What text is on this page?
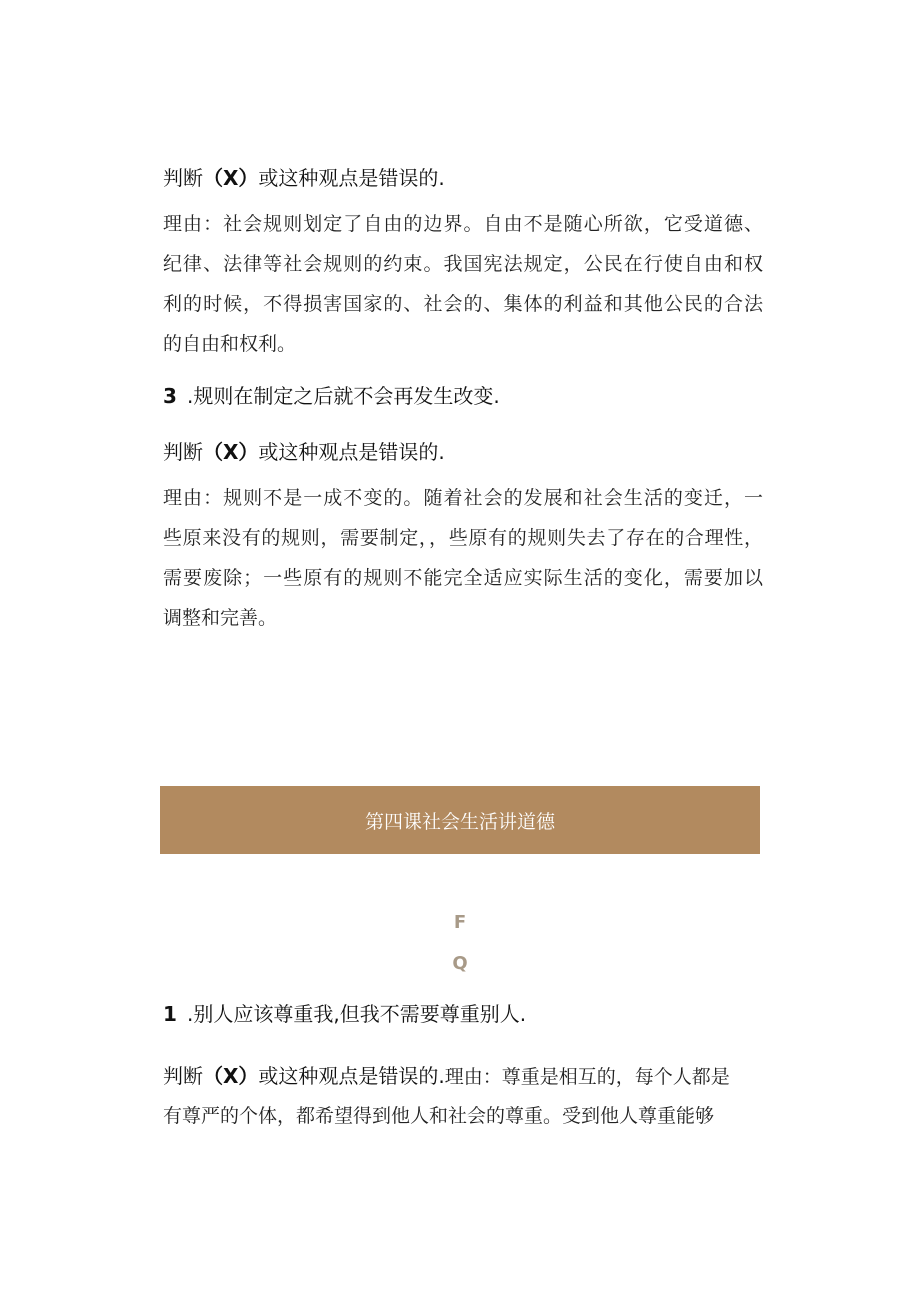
判断（X）或这种观点是错误的.
理由：社会规则划定了自由的边界。自由不是随心所欲，它受道德、
纪律、法律等社会规则的约束。我国宪法规定，公民在行使自由和权
利的时候，不得损害国家的、社会的、集体的利益和其他公民的合法
的自由和权利。
3 .规则在制定之后就不会再发生改变.
判断（X）或这种观点是错误的.
理由：规则不是一成不变的。随着社会的发展和社会生活的变迁，一
些原来没有的规则，需要制定，，些原有的规则失去了存在的合理性，
需要废除；一些原有的规则不能完全适应实际生活的变化，需要加以
调整和完善。
第四课社会生活讲道德
F
Q
1 .别人应该尊重我,但我不需要尊重别人.
判断（X）或这种观点是错误的.理由：尊重是相互的，每个人都是
有尊严的个体，都希望得到他人和社会的尊重。受到他人尊重能够
